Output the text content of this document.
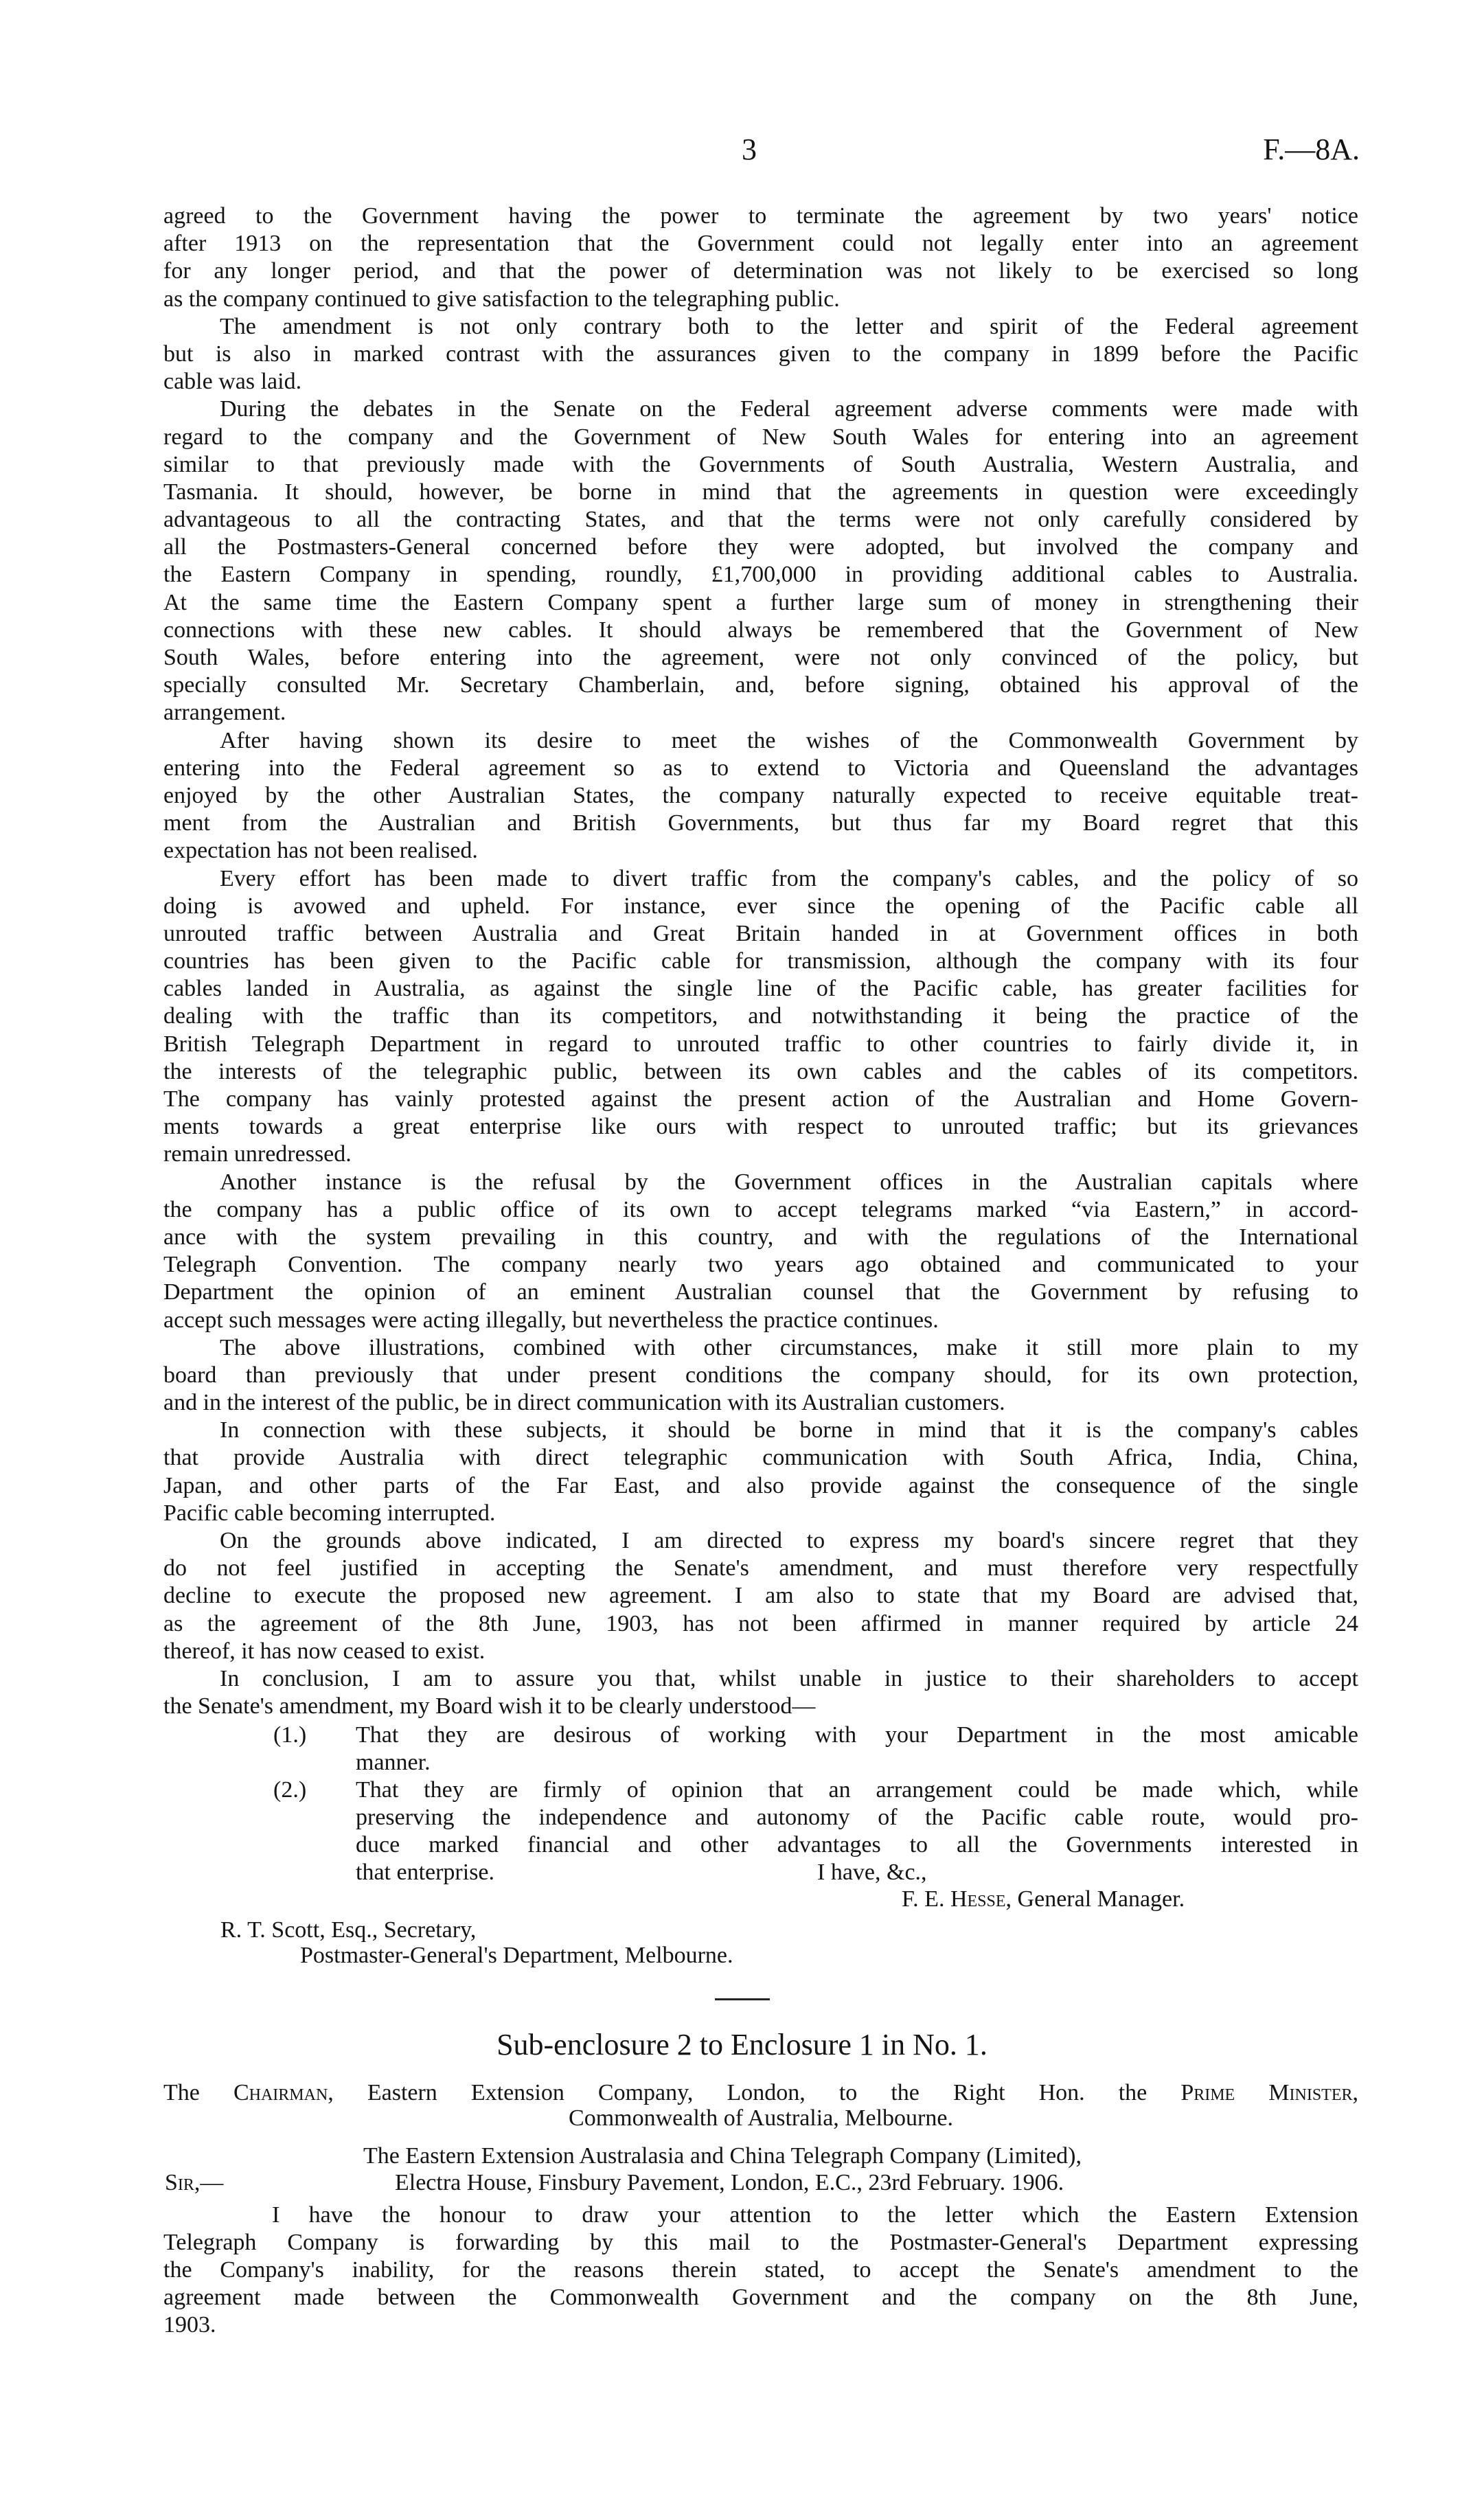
3	F.—8A.
agreed to the Government having the power to terminate the agreement by two years' notice
after 1913 on the representation that the Government could not legally enter into an agreement
for any longer period, and that the power of determination was not likely to be exercised so long
as the company continued to give satisfaction to the telegraphing public.
The amendment is not only contrary both to the letter and spirit of the Federal agreement
but is also in marked contrast with the assurances given to the company in 1899 before the Pacific
cable was laid.
During the debates in the Senate on the Federal agreement adverse comments were made with
regard to the company and the Government of New South Wales for entering into an agreement
similar to that previously made with the Governments of South Australia, Western Australia, and
Tasmania. It should, however, be borne in mind that the agreements in question were exceedingly
advantageous to all the contracting States, and that the terms were not only carefully considered by
all the Postmasters-General concerned before they were adopted, but involved the company and
the Eastern Company in spending, roundly, £1,700,000 in providing additional cables to Australia.
At the same time the Eastern Company spent a further large sum of money in strengthening their
connections with these new cables. It should always be remembered that the Government of New
South Wales, before entering into the agreement, were not only convinced of the policy, but
specially consulted Mr. Secretary Chamberlain, and, before signing, obtained his approval of the
arrangement.
After having shown its desire to meet the wishes of the Commonwealth Government by
entering into the Federal agreement so as to extend to Victoria and Queensland the advantages
enjoyed by the other Australian States, the company naturally expected to receive equitable treat-
ment from the Australian and British Governments, but thus far my Board regret that this
expectation has not been realised.
Every effort has been made to divert traffic from the company's cables, and the policy of so
doing is avowed and upheld. For instance, ever since the opening of the Pacific cable all
unrouted traffic between Australia and Great Britain handed in at Government offices in both
countries has been given to the Pacific cable for transmission, although the company with its four
cables landed in Australia, as against the single line of the Pacific cable, has greater facilities for
dealing with the traffic than its competitors, and notwithstanding it being the practice of the
British Telegraph Department in regard to unrouted traffic to other countries to fairly divide it, in
the interests of the telegraphic public, between its own cables and the cables of its competitors.
The company has vainly protested against the present action of the Australian and Home Govern-
ments towards a great enterprise like ours with respect to unrouted traffic; but its grievances
remain unredressed.
Another instance is the refusal by the Government offices in the Australian capitals where
the company has a public office of its own to accept telegrams marked “via Eastern,” in accord-
ance with the system prevailing in this country, and with the regulations of the International
Telegraph Convention. The company nearly two years ago obtained and communicated to your
Department the opinion of an eminent Australian counsel that the Government by refusing to
accept such messages were acting illegally, but nevertheless the practice continues.
The above illustrations, combined with other circumstances, make it still more plain to my
board than previously that under present conditions the company should, for its own protection,
and in the interest of the public, be in direct communication with its Australian customers.
In connection with these subjects, it should be borne in mind that it is the company's cables
that provide Australia with direct telegraphic communication with South Africa, India, China,
Japan, and other parts of the Far East, and also provide against the consequence of the single
Pacific cable becoming interrupted.
On the grounds above indicated, I am directed to express my board's sincere regret that they
do not feel justified in accepting the Senate's amendment, and must therefore very respectfully
decline to execute the proposed new agreement. I am also to state that my Board are advised that,
as the agreement of the 8th June, 1903, has not been affirmed in manner required by article 24
thereof, it has now ceased to exist.
In conclusion, I am to assure you that, whilst unable in justice to their shareholders to accept
the Senate's amendment, my Board wish it to be clearly understood—
(1.) That they are desirous of working with your Department in the most amicable
manner.
(2.) That they are firmly of opinion that an arrangement could be made which, while
preserving the independence and autonomy of the Pacific cable route, would pro-
duce marked financial and other advantages to all the Governments interested in
that enterprise.	I have, &c.,
F. E. Hesse, General Manager.
R. T. Scott, Esq., Secretary,
Postmaster-General's Department, Melbourne.
Sub-enclosure 2 to Enclosure 1 in No. 1.
The Chairman, Eastern Extension Company, London, to the Right Hon. the Prime Minister,
Commonwealth of Australia, Melbourne.
The Eastern Extension Australasia and China Telegraph Company (Limited),
Sir,—	Electra House, Finsbury Pavement, London, E.C., 23rd February. 1906.
I have the honour to draw your attention to the letter which the Eastern Extension
Telegraph Company is forwarding by this mail to the Postmaster-General's Department expressing
the Company's inability, for the reasons therein stated, to accept the Senate's amendment to the
agreement made between the Commonwealth Government and the company on the 8th June,
1903.
